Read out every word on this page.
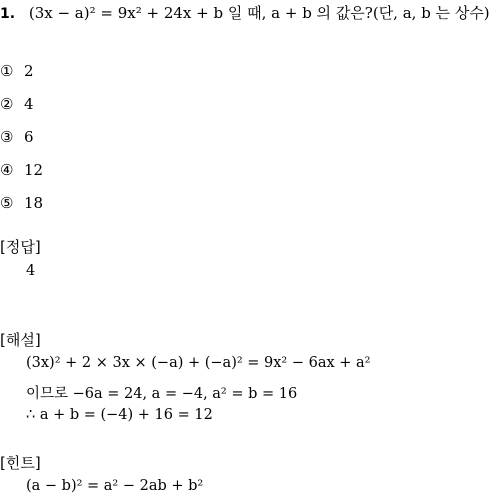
1. (3x − a)² = 9x² + 24x + b 일 때, a + b 의 값은?(단, a, b 는 상수)
① 2
② 4
③ 6
④ 12
⑤ 18
[정답]
4
[해설]
(3x)² + 2 × 3x × (−a) + (−a)² = 9x² − 6ax + a²
이므로 −6a = 24, a = −4, a² = b = 16
∴ a + b = (−4) + 16 = 12
[힌트]
(a − b)² = a² − 2ab + b²
